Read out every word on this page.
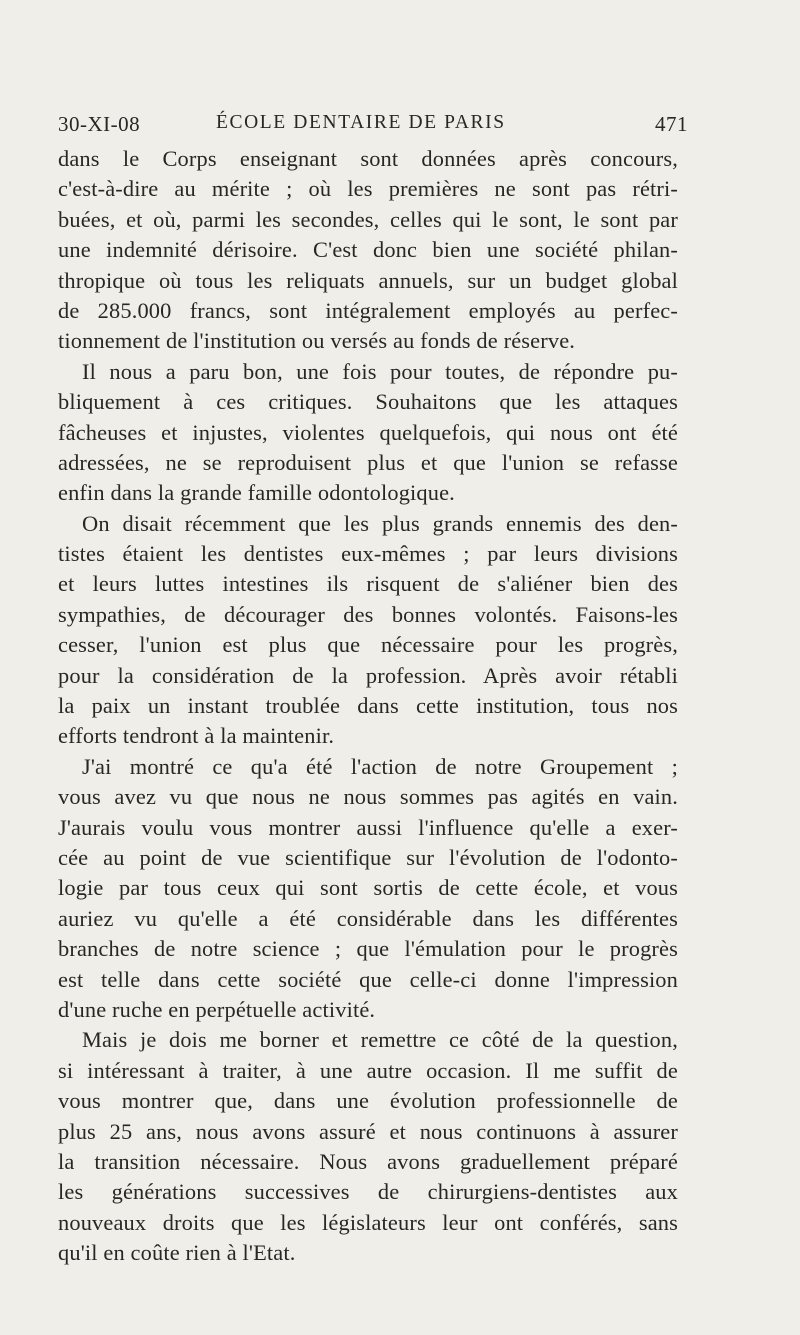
30-XI-08	ÉCOLE DENTAIRE DE PARIS	471
dans le Corps enseignant sont données après concours,
c'est-à-dire au mérite ; où les premières ne sont pas rétri-
buées, et où, parmi les secondes, celles qui le sont, le sont par
une indemnité dérisoire. C'est donc bien une société philan-
thropique où tous les reliquats annuels, sur un budget global
de 285.000 francs, sont intégralement employés au perfec-
tionnement de l'institution ou versés au fonds de réserve.
Il nous a paru bon, une fois pour toutes, de répondre pu-
bliquement à ces critiques. Souhaitons que les attaques
fâcheuses et injustes, violentes quelquefois, qui nous ont été
adressées, ne se reproduisent plus et que l'union se refasse
enfin dans la grande famille odontologique.
On disait récemment que les plus grands ennemis des den-
tistes étaient les dentistes eux-mêmes ; par leurs divisions
et leurs luttes intestines ils risquent de s'aliéner bien des
sympathies, de décourager des bonnes volontés. Faisons-les
cesser, l'union est plus que nécessaire pour les progrès,
pour la considération de la profession. Après avoir rétabli
la paix un instant troublée dans cette institution, tous nos
efforts tendront à la maintenir.
J'ai montré ce qu'a été l'action de notre Groupement ;
vous avez vu que nous ne nous sommes pas agités en vain.
J'aurais voulu vous montrer aussi l'influence qu'elle a exer-
cée au point de vue scientifique sur l'évolution de l'odonto-
logie par tous ceux qui sont sortis de cette école, et vous
auriez vu qu'elle a été considérable dans les différentes
branches de notre science ; que l'émulation pour le progrès
est telle dans cette société que celle-ci donne l'impression
d'une ruche en perpétuelle activité.
Mais je dois me borner et remettre ce côté de la question,
si intéressant à traiter, à une autre occasion. Il me suffit de
vous montrer que, dans une évolution professionnelle de
plus 25 ans, nous avons assuré et nous continuons à assurer
la transition nécessaire. Nous avons graduellement préparé
les générations successives de chirurgiens-dentistes aux
nouveaux droits que les législateurs leur ont conférés, sans
qu'il en coûte rien à l'Etat.
